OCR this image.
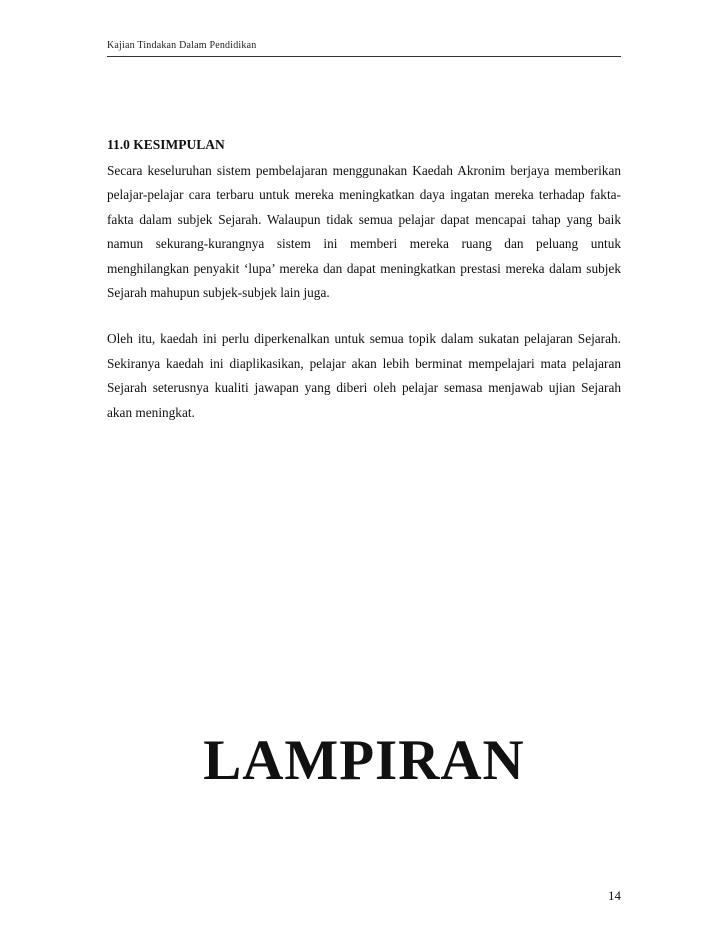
Kajian Tindakan Dalam Pendidikan
11.0 KESIMPULAN

Secara keseluruhan sistem pembelajaran menggunakan Kaedah Akronim berjaya memberikan pelajar-pelajar cara terbaru untuk mereka meningkatkan daya ingatan mereka terhadap fakta-fakta dalam subjek Sejarah. Walaupun tidak semua pelajar dapat mencapai tahap yang baik namun sekurang-kurangnya sistem ini memberi mereka ruang dan peluang untuk menghilangkan penyakit ‘lupa’ mereka dan dapat meningkatkan prestasi mereka dalam subjek Sejarah mahupun subjek-subjek lain juga.

Oleh itu, kaedah ini perlu diperkenalkan untuk semua topik dalam sukatan pelajaran Sejarah. Sekiranya kaedah ini diaplikasikan, pelajar akan lebih berminat mempelajari mata pelajaran Sejarah seterusnya kualiti jawapan yang diberi oleh pelajar semasa menjawab ujian Sejarah akan meningkat.

LAMPIRAN
14
